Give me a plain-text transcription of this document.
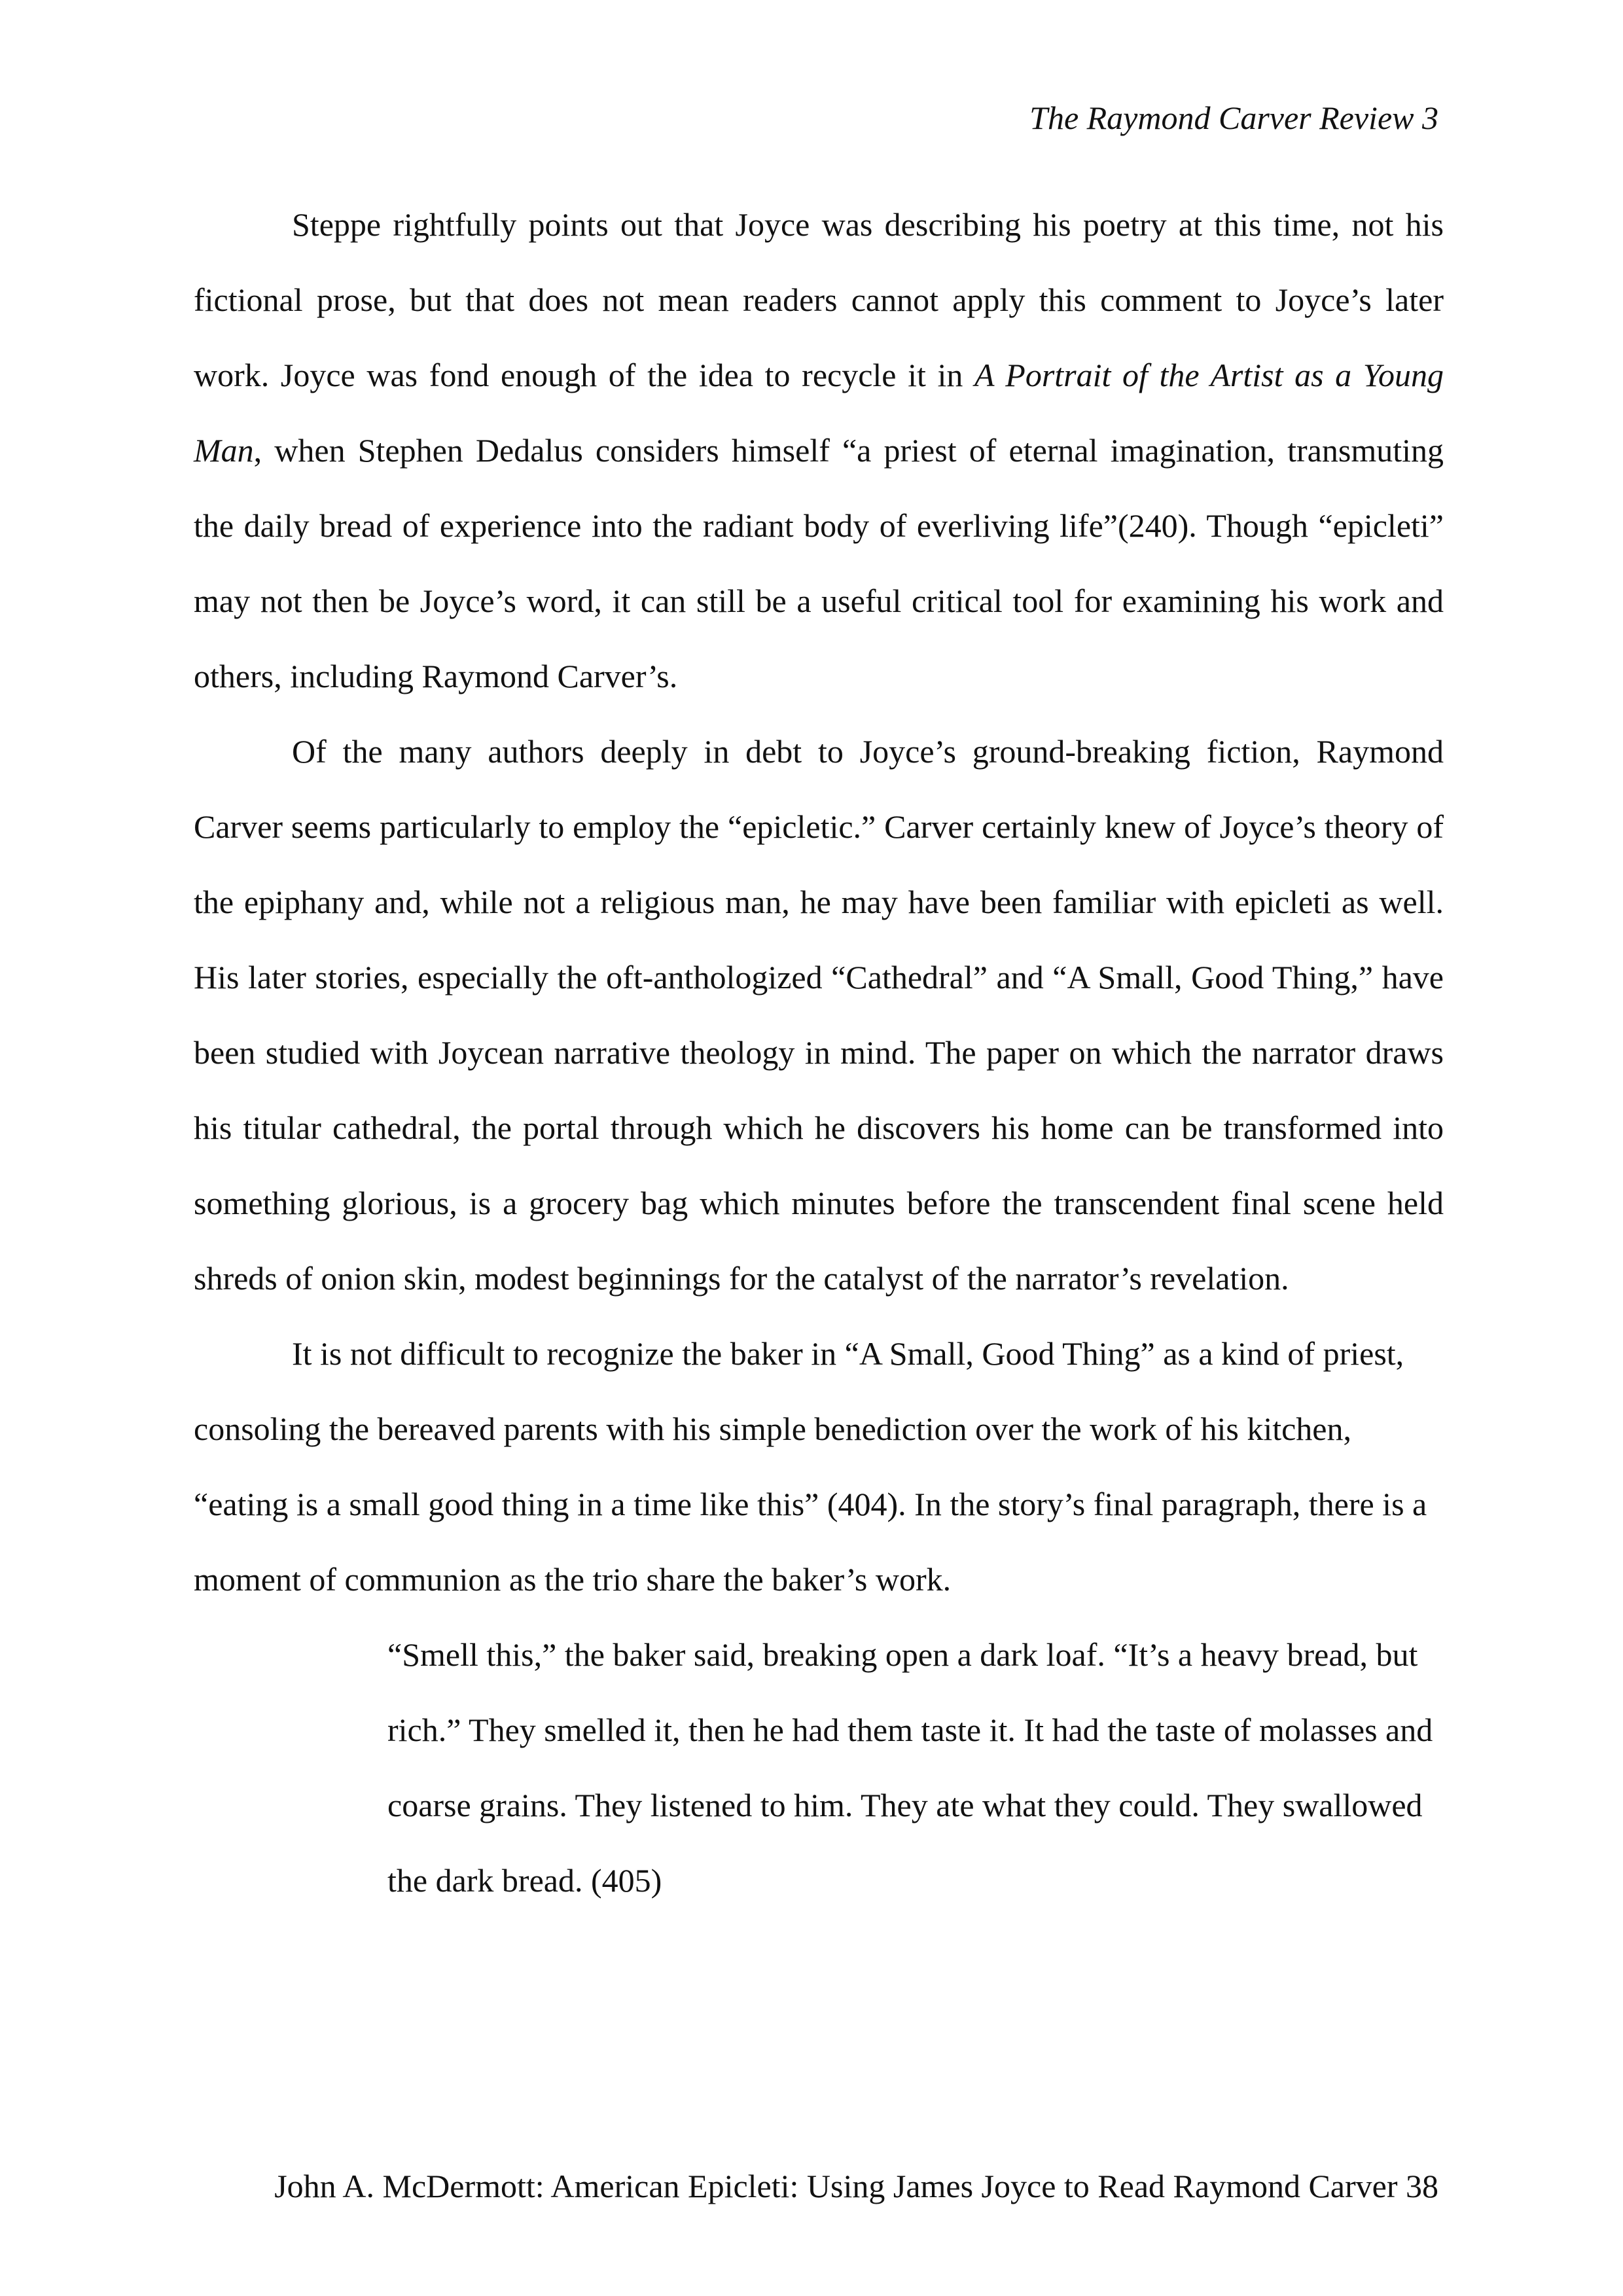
The Raymond Carver Review 3

Steppe rightfully points out that Joyce was describing his poetry at this time, not his fictional prose, but that does not mean readers cannot apply this comment to Joyce’s later work. Joyce was fond enough of the idea to recycle it in A Portrait of the Artist as a Young Man, when Stephen Dedalus considers himself “a priest of eternal imagination, transmuting the daily bread of experience into the radiant body of everliving life”(240). Though “epicleti” may not then be Joyce’s word, it can still be a useful critical tool for examining his work and others, including Raymond Carver’s.

Of the many authors deeply in debt to Joyce’s ground-breaking fiction, Raymond Carver seems particularly to employ the “epicletic.” Carver certainly knew of Joyce’s theory of the epiphany and, while not a religious man, he may have been familiar with epicleti as well. His later stories, especially the oft-anthologized “Cathedral” and “A Small, Good Thing,” have been studied with Joycean narrative theology in mind. The paper on which the narrator draws his titular cathedral, the portal through which he discovers his home can be transformed into something glorious, is a grocery bag which minutes before the transcendent final scene held shreds of onion skin, modest beginnings for the catalyst of the narrator’s revelation.

It is not difficult to recognize the baker in “A Small, Good Thing” as a kind of priest, consoling the bereaved parents with his simple benediction over the work of his kitchen, “eating is a small good thing in a time like this” (404). In the story’s final paragraph, there is a moment of communion as the trio share the baker’s work.

“Smell this,” the baker said, breaking open a dark loaf. “It’s a heavy bread, but rich.” They smelled it, then he had them taste it. It had the taste of molasses and coarse grains. They listened to him. They ate what they could. They swallowed the dark bread. (405)
John A. McDermott: American Epicleti: Using James Joyce to Read Raymond Carver 38
